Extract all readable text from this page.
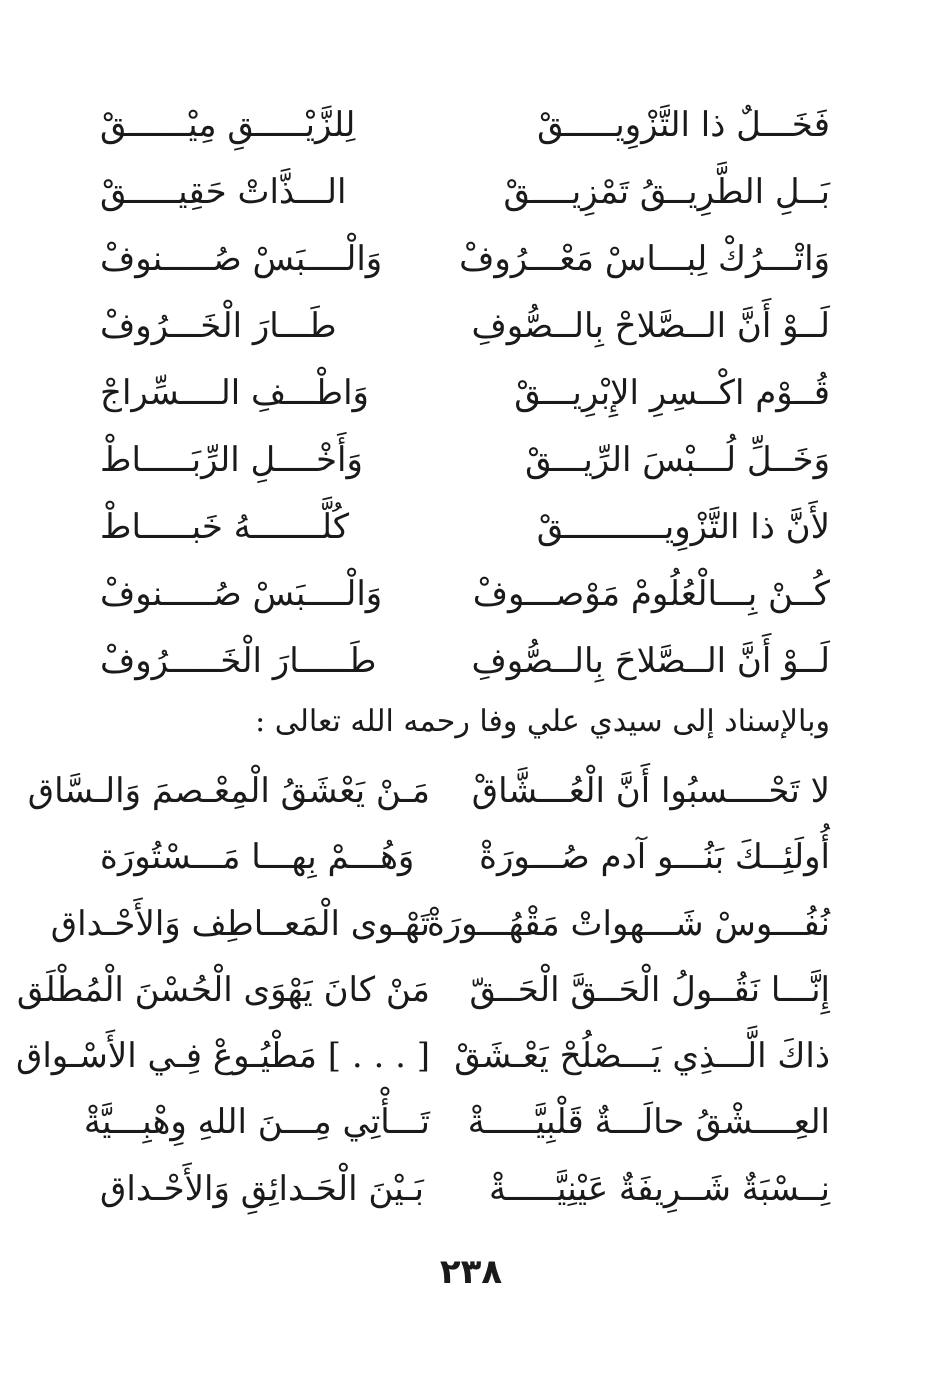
فَخَـــلٌ ذا التَّزْوِيـــــقْ
لِلزَّيْـــــقِ مِيْــــــقْ
بَــلِ الطَّرِيــقُ تَمْزِيــــقْ
الـــذَّاتْ حَقِيـــــقْ
وَاتْـــرُكْ لِبـــاسْ مَعْـــرُوفْ
وَالْــــبَسْ صُـــــنوفْ
لَــوْ أَنَّ الــصَّلاحْ بِالــصُّوفِ
طَـــارَ الْخَـــرُوفْ
قُــوْم اكْــسِرِ الإِبْرِيـــقْ
وَاطْـــفِ الــــسِّراجْ
وَخَــلِّ لُـــبْسَ الرِّيـــقْ
وَأَخْــــلِ الرِّبَـــــاطْ
لأَنَّ ذا التَّزْوِيــــــــــقْ
كُلَّـــــــهُ خَبـــــاطْ
كُــنْ بِـــالْعُلُومْ مَوْصـــوفْ
وَالْــــبَسْ صُـــــنوفْ
لَــوْ أَنَّ الــصَّلاحَ بِالــصُّوفِ
طَـــــارَ الْخَـــــرُوفْ
وبالإسناد إلى سيدي علي وفا رحمه الله تعالى :
لا تَحْــــسبُوا أَنَّ الْعُـــشَّاقْ
مَـنْ يَعْشَقُ الْمِعْـصمَ وَالـسَّاق
أُولَئِــكَ بَنُـــو آدم صُـــورَةْ
وَهُـــمْ بِهـــا مَـــسْتُورَة
نُفُـــوسْ شَـــهواتْ مَقْهُـــورَةْ
تَهْـوى الْمَعــاطِف وَالأَحْـداق
إِنَّـــا نَقُــولُ الْحَــقَّ الْحَــقّ
مَنْ كانَ يَهْوَى الْحُسْنَ الْمُطْلَق
ذاكَ الَّـــذِي يَـــصْلُحْ يَعْـشَقْ
[ . . . ] مَطْيُـوعْ فِـي الأَسْـواق
العِــــشْقُ حالَـــةٌ قَلْبِيَّـــــةْ
تَـــأْتِي مِـــنَ اللهِ وِهْبِـــيَّةْ
نِــسْبَةٌ شَــرِيفَةٌ عَيْنِيَّـــــةْ
بَـيْنَ الْحَـدائِقِ وَالأَحْـداق
٢٣٨
